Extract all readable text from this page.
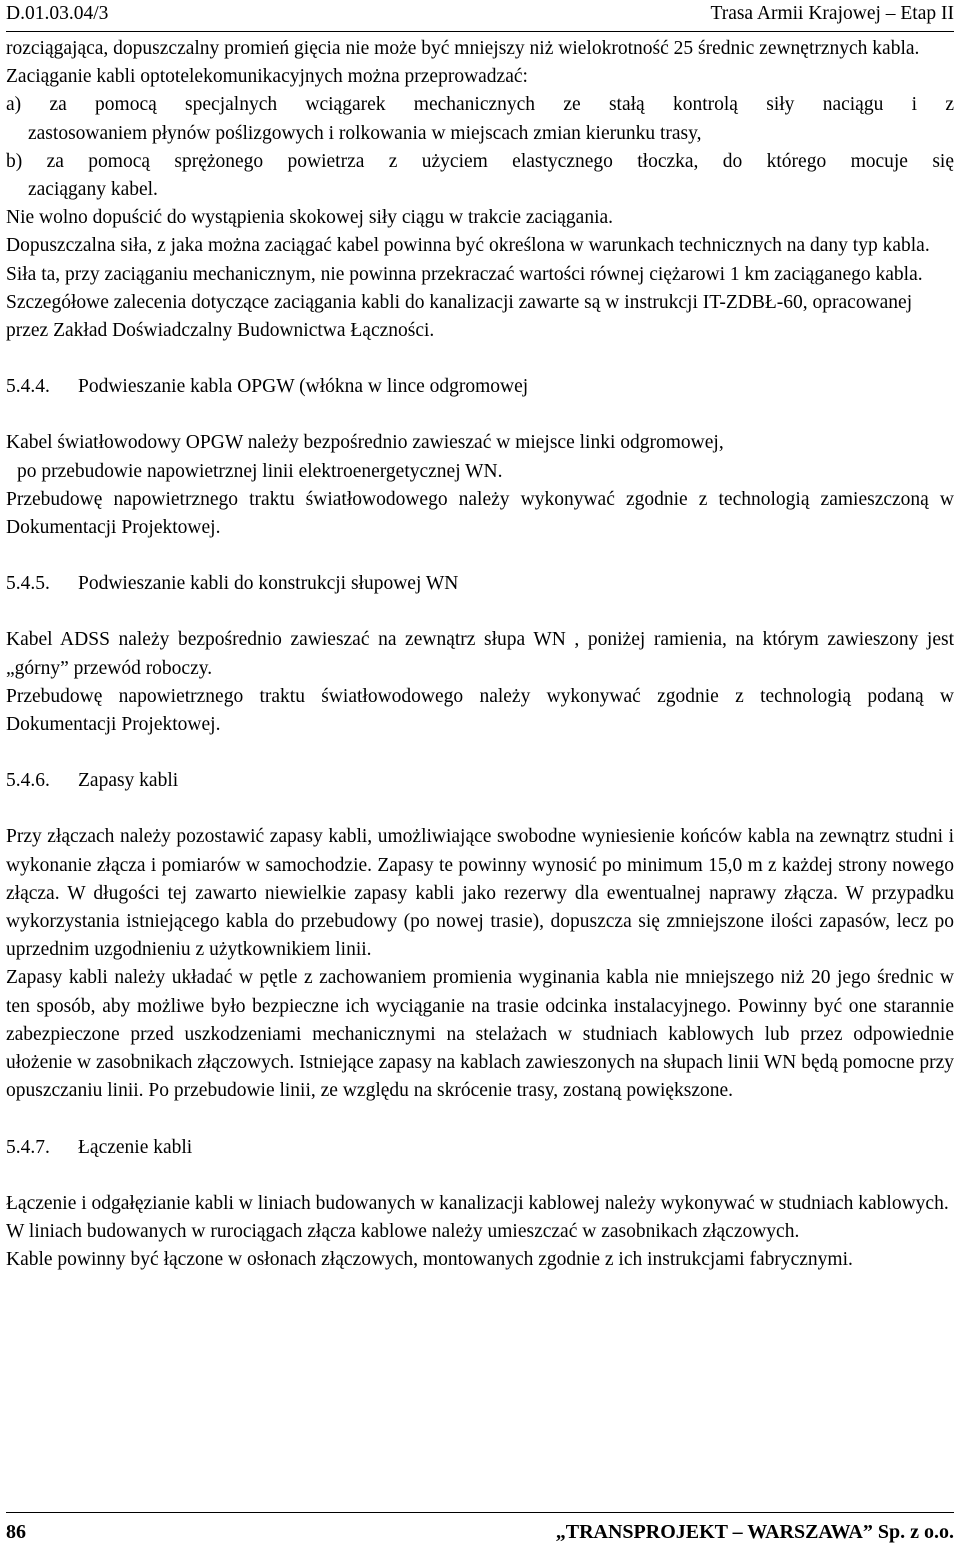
D.01.03.04/3	Trasa Armii Krajowej – Etap II

rozciągająca, dopuszczalny promień gięcia nie może być mniejszy niż wielokrotność 25 średnic zewnętrznych kabla.

Zaciąganie kabli optotelekomunikacyjnych można przeprowadzać:

a) za pomocą specjalnych wciągarek mechanicznych ze stałą kontrolą siły naciągu i z

zastosowaniem płynów poślizgowych i rolkowania w miejscach zmian kierunku trasy,

b) za pomocą sprężonego powietrza z użyciem elastycznego tłoczka, do którego mocuje się

zaciągany kabel.

Nie wolno dopuścić do wystąpienia skokowej siły ciągu w trakcie zaciągania.

Dopuszczalna siła, z jaka można zaciągać kabel powinna być określona w warunkach technicznych na dany typ kabla. Siła ta, przy zaciąganiu mechanicznym, nie powinna przekraczać wartości równej ciężarowi 1 km zaciąganego kabla. Szczegółowe zalecenia dotyczące zaciągania kabli do kanalizacji zawarte są w instrukcji IT-ZDBŁ-60, opracowanej przez Zakład Doświadczalny Budownictwa Łączności.

5.4.4. Podwieszanie kabla OPGW (włókna w lince odgromowej

Kabel światłowodowy OPGW należy bezpośrednio zawieszać w miejsce linki odgromowej,

po przebudowie napowietrznej linii elektroenergetycznej WN.

Przebudowę napowietrznego traktu światłowodowego należy wykonywać zgodnie z technologią zamieszczoną w Dokumentacji Projektowej.

5.4.5. Podwieszanie kabli do konstrukcji słupowej WN

Kabel ADSS należy bezpośrednio zawieszać na zewnątrz słupa WN , poniżej ramienia, na którym zawieszony jest „górny” przewód roboczy.

Przebudowę napowietrznego traktu światłowodowego należy wykonywać zgodnie z technologią podaną w Dokumentacji Projektowej.

5.4.6. Zapasy kabli

Przy złączach należy pozostawić zapasy kabli, umożliwiające swobodne wyniesienie końców kabla na zewnątrz studni i wykonanie złącza i pomiarów w samochodzie. Zapasy te powinny wynosić po minimum 15,0 m z każdej strony nowego złącza. W długości tej zawarto niewielkie zapasy kabli jako rezerwy dla ewentualnej naprawy złącza. W przypadku wykorzystania istniejącego kabla do przebudowy (po nowej trasie), dopuszcza się zmniejszone ilości zapasów, lecz po uprzednim uzgodnieniu z użytkownikiem linii.

Zapasy kabli należy układać w pętle z zachowaniem promienia wyginania kabla nie mniejszego niż 20 jego średnic w ten sposób, aby możliwe było bezpieczne ich wyciąganie na trasie odcinka instalacyjnego. Powinny być one starannie zabezpieczone przed uszkodzeniami mechanicznymi na stelażach w studniach kablowych lub przez odpowiednie ułożenie w zasobnikach złączowych. Istniejące zapasy na kablach zawieszonych na słupach linii WN będą pomocne przy opuszczaniu linii. Po przebudowie linii, ze względu na skrócenie trasy, zostaną powiększone.

5.4.7. Łączenie kabli

Łączenie i odgałęzianie kabli w liniach budowanych w kanalizacji kablowej należy wykonywać w studniach kablowych. W liniach budowanych w rurociągach złącza kablowe należy umieszczać w zasobnikach złączowych.

Kable powinny być łączone w osłonach złączowych, montowanych zgodnie z ich instrukcjami fabrycznymi.

86	„TRANSPROJEKT – WARSZAWA” Sp. z o.o.
